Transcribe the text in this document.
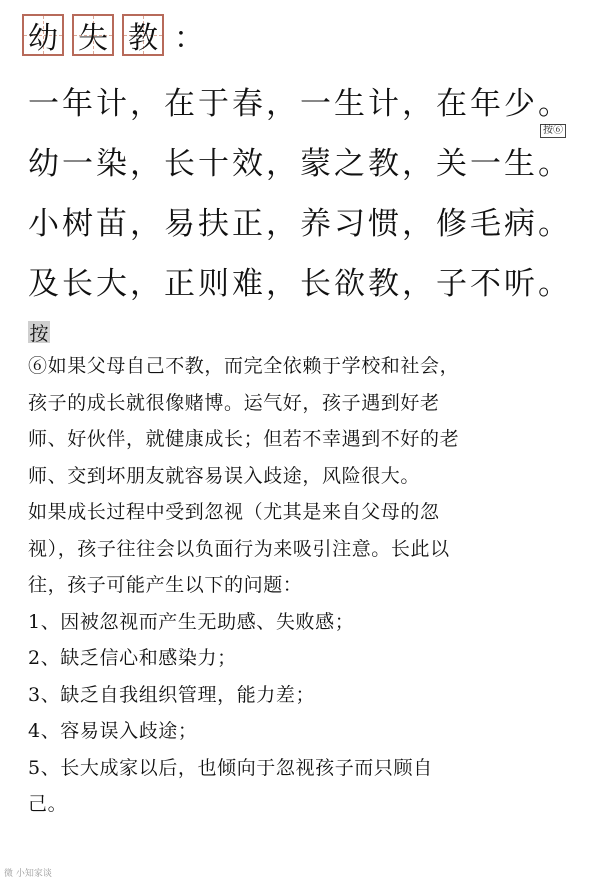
幼 失 教 ：
一年计，在于春，一生计，在年少。
幼一染，长十效，蒙之教，关一生。
小树苗，易扶正，养习惯，修毛病。
及长大，正则难，长欲教，子不听。
按⑥
按
⑥如果父母自己不教，而完全依赖于学校和社会，
孩子的成长就很像赌博。运气好，孩子遇到好老
师、好伙伴，就健康成长；但若不幸遇到不好的老
师、交到坏朋友就容易误入歧途，风险很大。
如果成长过程中受到忽视（尤其是来自父母的忽
视），孩子往往会以负面行为来吸引注意。长此以
往，孩子可能产生以下的问题：
1、因被忽视而产生无助感、失败感；
2、缺乏信心和感染力；
3、缺乏自我组织管理，能力差；
4、容易误入歧途；
5、长大成家以后，也倾向于忽视孩子而只顾自
己。
微 小知家谈
